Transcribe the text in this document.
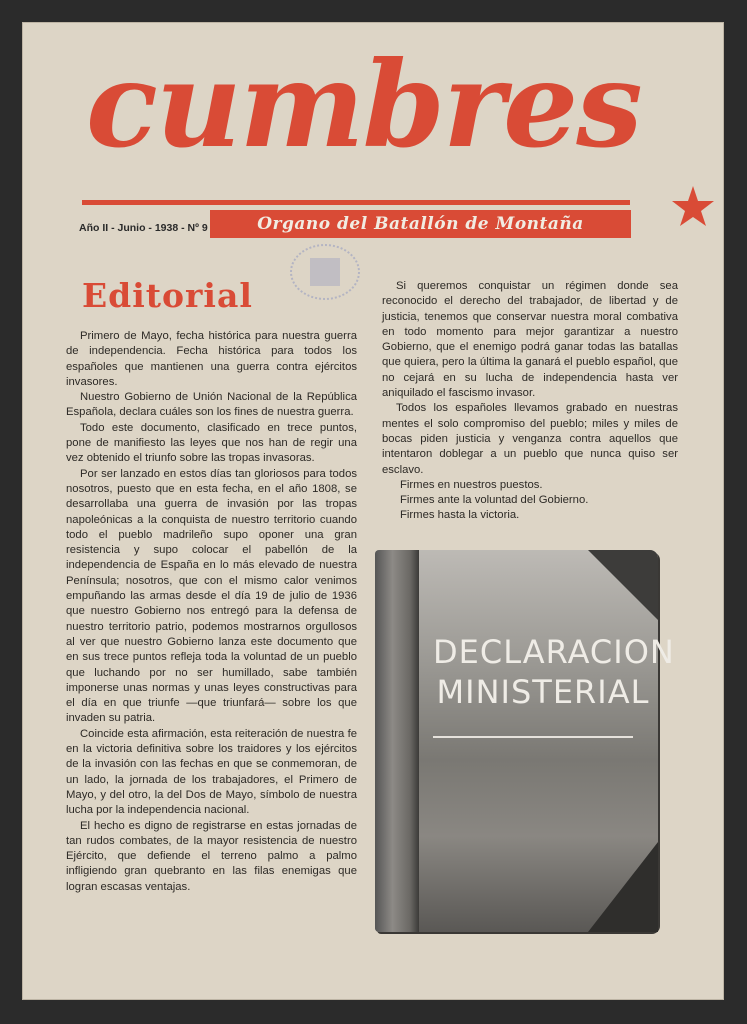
cumbres
Año II - Junio - 1938 - Nº 9	Organo del Batallón de Montaña
Editorial

Primero de Mayo, fecha histórica para nuestra guerra de independencia. Fecha histórica para todos los españoles que mantienen una guerra contra ejércitos invasores.

Nuestro Gobierno de Unión Nacional de la República Española, declara cuáles son los fines de nuestra guerra.

Todo este documento, clasificado en trece puntos, pone de manifiesto las leyes que nos han de regir una vez obtenido el triunfo sobre las tropas invasoras.

Por ser lanzado en estos días tan gloriosos para todos nosotros, puesto que en esta fecha, en el año 1808, se desarrollaba una guerra de invasión por las tropas napoleónicas a la conquista de nuestro territorio cuando todo el pueblo madrileño supo oponer una gran resistencia y supo colocar el pabellón de la independencia de España en lo más elevado de nuestra Península; nosotros, que con el mismo calor venimos empuñando las armas desde el día 19 de julio de 1936 que nuestro Gobierno nos entregó para la defensa de nuestro territorio patrio, podemos mostrarnos orgullosos al ver que nuestro Gobierno lanza este documento que en sus trece puntos refleja toda la voluntad de un pueblo que luchando por no ser humillado, sabe también imponerse unas normas y unas leyes constructivas para el día en que triunfe —que triunfará— sobre los que invaden su patria.

Coincide esta afirmación, esta reiteración de nuestra fe en la victoria definitiva sobre los traidores y los ejércitos de la invasión con las fechas en que se conmemoran, de un lado, la jornada de los trabajadores, el Primero de Mayo, y del otro, la del Dos de Mayo, símbolo de nuestra lucha por la independencia nacional.

El hecho es digno de registrarse en estas jornadas de tan rudos combates, de la mayor resistencia de nuestro Ejército, que defiende el terreno palmo a palmo infligiendo gran quebranto en las filas enemigas que logran escasas ventajas.

Si queremos conquistar un régimen donde sea reconocido el derecho del trabajador, de libertad y de justicia, tenemos que conservar nuestra moral combativa en todo momento para mejor garantizar a nuestro Gobierno, que el enemigo podrá ganar todas las batallas que quiera, pero la última la ganará el pueblo español, que no cejará en su lucha de independencia hasta ver aniquilado el fascismo invasor.

Todos los españoles llevamos grabado en nuestras mentes el solo compromiso del pueblo; miles y miles de bocas piden justicia y venganza contra aquellos que intentaron doblegar a un pueblo que nunca quiso ser esclavo.

Firmes en nuestros puestos.

Firmes ante la voluntad del Gobierno.

Firmes hasta la victoria.

DECLARACION
MINISTERIAL
